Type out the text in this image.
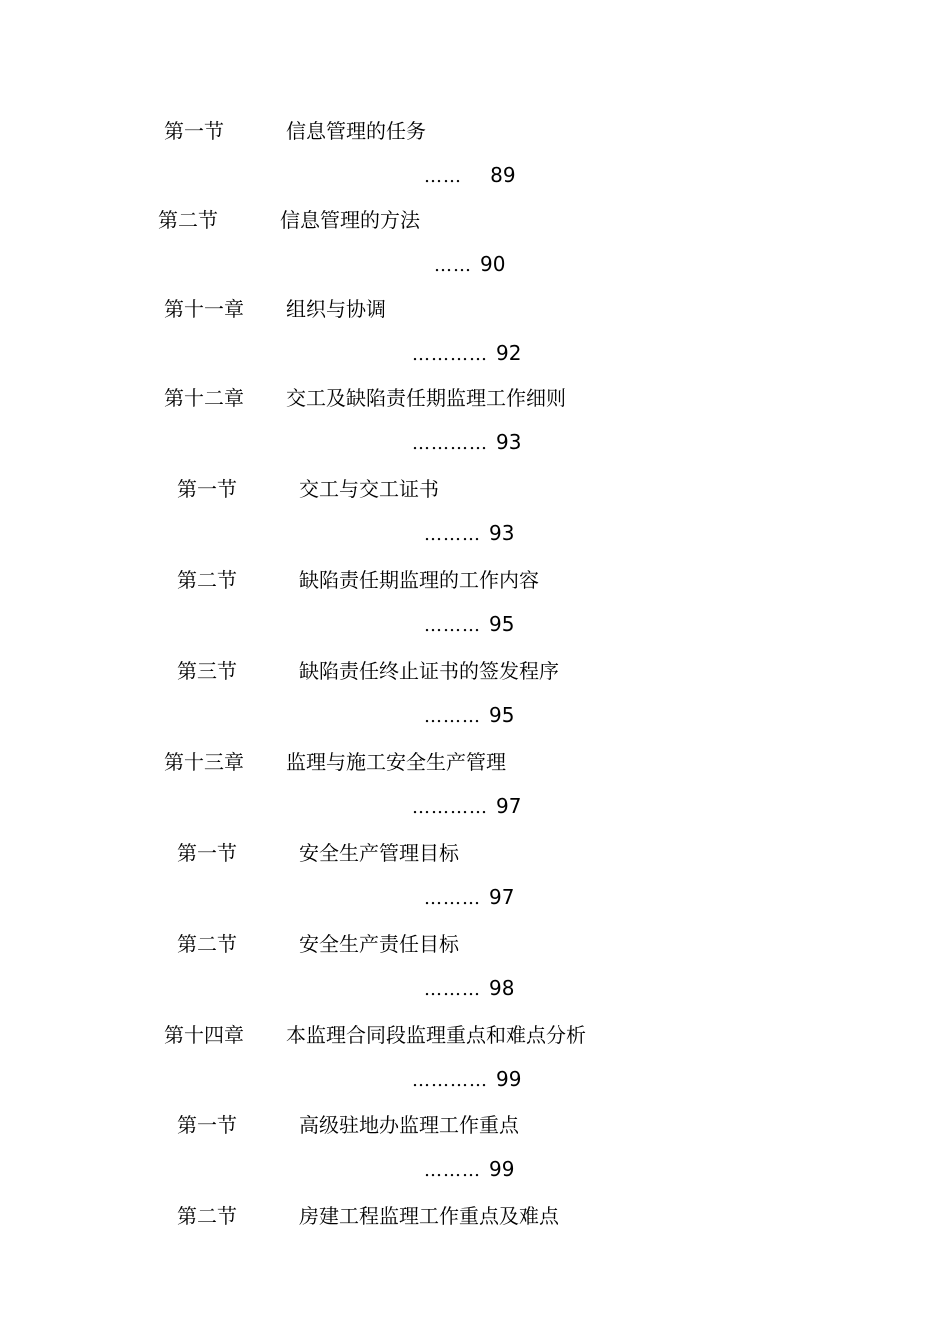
第一节	信息管理的任务
……   89
第二节	信息管理的方法
…… 90
第十一章 组织与协调
………… 92
第十二章 交工及缺陷责任期监理工作细则
………… 93
第一节	交工与交工证书
……… 93
第二节	缺陷责任期监理的工作内容
……… 95
第三节	缺陷责任终止证书的签发程序
……… 95
第十三章 监理与施工安全生产管理
………… 97
第一节	安全生产管理目标
……… 97
第二节	安全生产责任目标
……… 98
第十四章 本监理合同段监理重点和难点分析
………… 99
第一节	高级驻地办监理工作重点
……… 99
第二节	房建工程监理工作重点及难点
